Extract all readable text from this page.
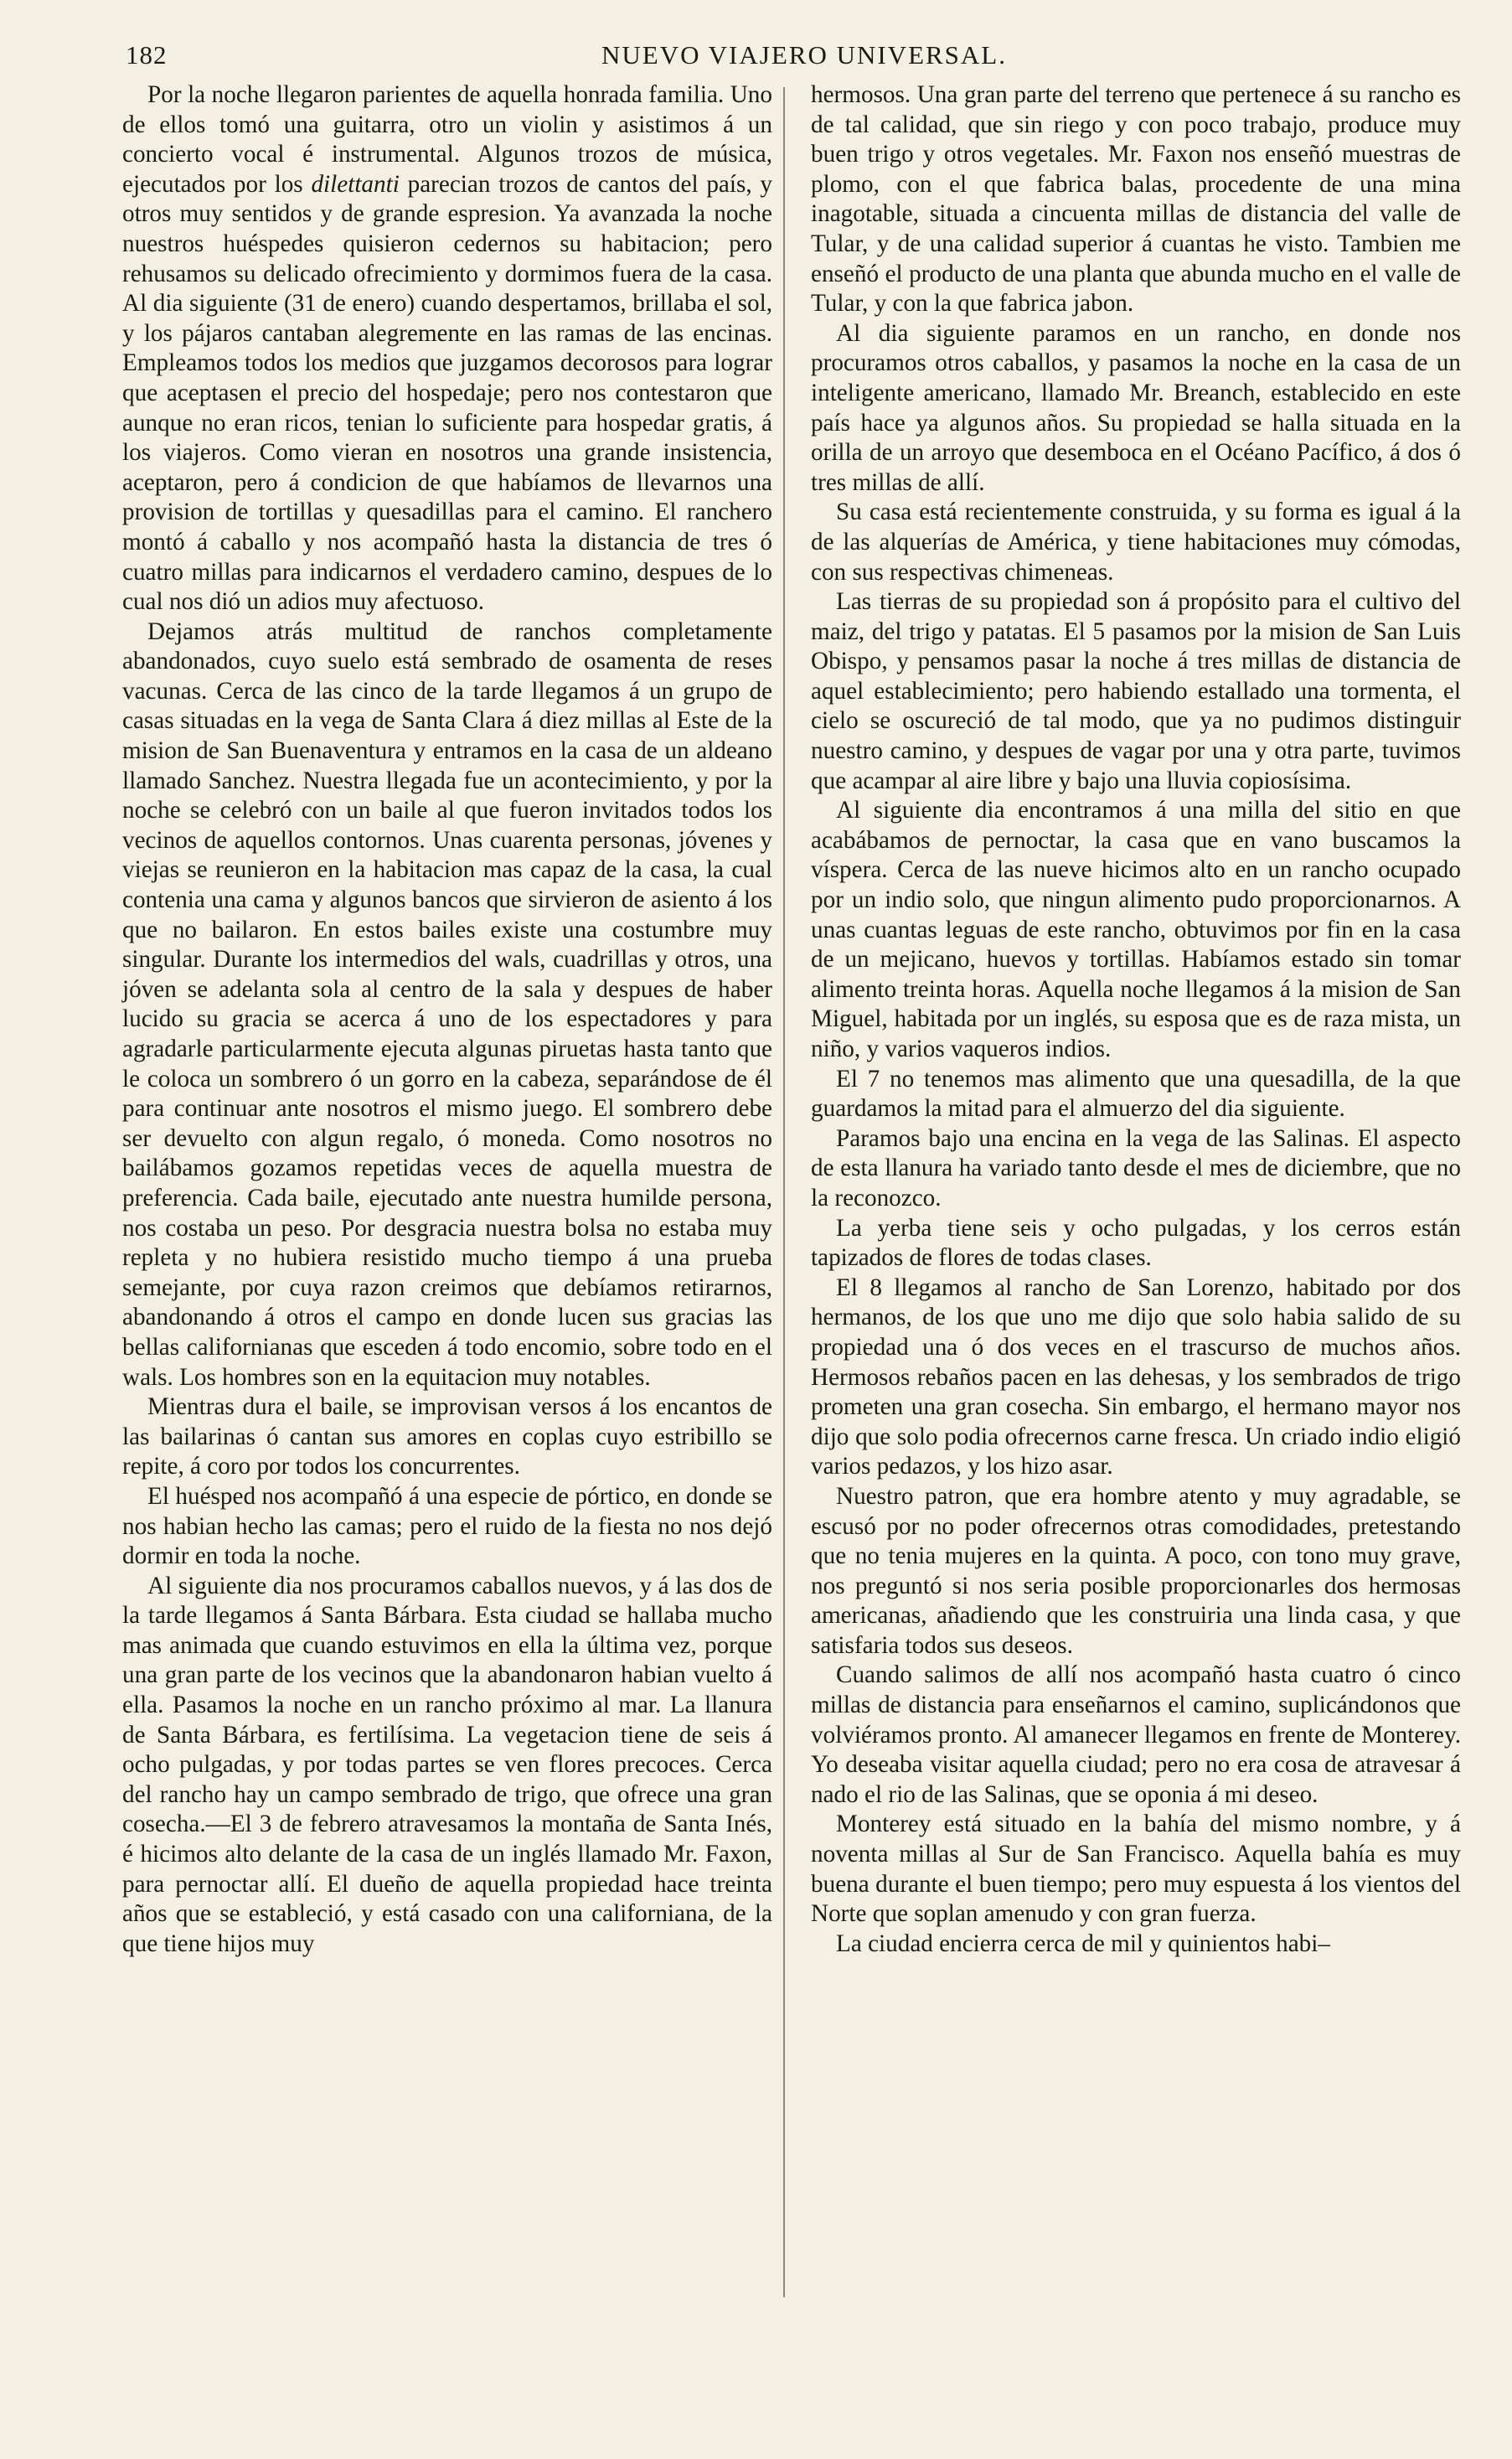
182	NUEVO VIAJERO UNIVERSAL.

Por la noche llegaron parientes de aquella honrada familia. Uno de ellos tomó una guitarra, otro un violin y asistimos á un concierto vocal é instrumental. Algunos trozos de música, ejecutados por los dilettanti parecian trozos de cantos del país, y otros muy sentidos y de grande espresion. Ya avanzada la noche nuestros huéspedes quisieron cedernos su habitacion; pero rehusamos su delicado ofrecimiento y dormimos fuera de la casa. Al dia siguiente (31 de enero) cuando despertamos, brillaba el sol, y los pájaros cantaban alegremente en las ramas de las encinas. Empleamos todos los medios que juzgamos decorosos para lograr que aceptasen el precio del hospedaje; pero nos contestaron que aunque no eran ricos, tenian lo suficiente para hospedar gratis, á los viajeros. Como vieran en nosotros una grande insistencia, aceptaron, pero á condicion de que habíamos de llevarnos una provision de tortillas y quesadillas para el camino. El ranchero montó á caballo y nos acompañó hasta la distancia de tres ó cuatro millas para indicarnos el verdadero camino, despues de lo cual nos dió un adios muy afectuoso.

Dejamos atrás multitud de ranchos completamente abandonados, cuyo suelo está sembrado de osamenta de reses vacunas. Cerca de las cinco de la tarde llegamos á un grupo de casas situadas en la vega de Santa Clara á diez millas al Este de la mision de San Buenaventura y entramos en la casa de un aldeano llamado Sanchez. Nuestra llegada fue un acontecimiento, y por la noche se celebró con un baile al que fueron invitados todos los vecinos de aquellos contornos. Unas cuarenta personas, jóvenes y viejas se reunieron en la habitacion mas capaz de la casa, la cual contenia una cama y algunos bancos que sirvieron de asiento á los que no bailaron. En estos bailes existe una costumbre muy singular. Durante los intermedios del wals, cuadrillas y otros, una jóven se adelanta sola al centro de la sala y despues de haber lucido su gracia se acerca á uno de los espectadores y para agradarle particularmente ejecuta algunas piruetas hasta tanto que le coloca un sombrero ó un gorro en la cabeza, separándose de él para continuar ante nosotros el mismo juego. El sombrero debe ser devuelto con algun regalo, ó moneda. Como nosotros no bailábamos gozamos repetidas veces de aquella muestra de preferencia. Cada baile, ejecutado ante nuestra humilde persona, nos costaba un peso. Por desgracia nuestra bolsa no estaba muy repleta y no hubiera resistido mucho tiempo á una prueba semejante, por cuya razon creimos que debíamos retirarnos, abandonando á otros el campo en donde lucen sus gracias las bellas californianas que esceden á todo encomio, sobre todo en el wals. Los hombres son en la equitacion muy notables.

Mientras dura el baile, se improvisan versos á los encantos de las bailarinas ó cantan sus amores en coplas cuyo estribillo se repite, á coro por todos los concurrentes.

El huésped nos acompañó á una especie de pórtico, en donde se nos habian hecho las camas; pero el ruido de la fiesta no nos dejó dormir en toda la noche.

Al siguiente dia nos procuramos caballos nuevos, y á las dos de la tarde llegamos á Santa Bárbara. Esta ciudad se hallaba mucho mas animada que cuando estuvimos en ella la última vez, porque una gran parte de los vecinos que la abandonaron habian vuelto á ella. Pasamos la noche en un rancho próximo al mar. La llanura de Santa Bárbara, es fertilísima. La vegetacion tiene de seis á ocho pulgadas, y por todas partes se ven flores precoces. Cerca del rancho hay un campo sembrado de trigo, que ofrece una gran cosecha.—El 3 de febrero atravesamos la montaña de Santa Inés, é hicimos alto delante de la casa de un inglés llamado Mr. Faxon, para pernoctar allí. El dueño de aquella propiedad hace treinta años que se estableció, y está casado con una californiana, de la que tiene hijos muy

hermosos. Una gran parte del terreno que pertenece á su rancho es de tal calidad, que sin riego y con poco trabajo, produce muy buen trigo y otros vegetales. Mr. Faxon nos enseñó muestras de plomo, con el que fabrica balas, procedente de una mina inagotable, situada a cincuenta millas de distancia del valle de Tular, y de una calidad superior á cuantas he visto. Tambien me enseñó el producto de una planta que abunda mucho en el valle de Tular, y con la que fabrica jabon.

Al dia siguiente paramos en un rancho, en donde nos procuramos otros caballos, y pasamos la noche en la casa de un inteligente americano, llamado Mr. Breanch, establecido en este país hace ya algunos años. Su propiedad se halla situada en la orilla de un arroyo que desemboca en el Océano Pacífico, á dos ó tres millas de allí.

Su casa está recientemente construida, y su forma es igual á la de las alquerías de América, y tiene habitaciones muy cómodas, con sus respectivas chimeneas.

Las tierras de su propiedad son á propósito para el cultivo del maiz, del trigo y patatas. El 5 pasamos por la mision de San Luis Obispo, y pensamos pasar la noche á tres millas de distancia de aquel establecimiento; pero habiendo estallado una tormenta, el cielo se oscureció de tal modo, que ya no pudimos distinguir nuestro camino, y despues de vagar por una y otra parte, tuvimos que acampar al aire libre y bajo una lluvia copiosísima.

Al siguiente dia encontramos á una milla del sitio en que acabábamos de pernoctar, la casa que en vano buscamos la víspera. Cerca de las nueve hicimos alto en un rancho ocupado por un indio solo, que ningun alimento pudo proporcionarnos. A unas cuantas leguas de este rancho, obtuvimos por fin en la casa de un mejicano, huevos y tortillas. Habíamos estado sin tomar alimento treinta horas. Aquella noche llegamos á la mision de San Miguel, habitada por un inglés, su esposa que es de raza mista, un niño, y varios vaqueros indios.

El 7 no tenemos mas alimento que una quesadilla, de la que guardamos la mitad para el almuerzo del dia siguiente.

Paramos bajo una encina en la vega de las Salinas. El aspecto de esta llanura ha variado tanto desde el mes de diciembre, que no la reconozco.

La yerba tiene seis y ocho pulgadas, y los cerros están tapizados de flores de todas clases.

El 8 llegamos al rancho de San Lorenzo, habitado por dos hermanos, de los que uno me dijo que solo habia salido de su propiedad una ó dos veces en el trascurso de muchos años. Hermosos rebaños pacen en las dehesas, y los sembrados de trigo prometen una gran cosecha. Sin embargo, el hermano mayor nos dijo que solo podia ofrecernos carne fresca. Un criado indio eligió varios pedazos, y los hizo asar.

Nuestro patron, que era hombre atento y muy agradable, se escusó por no poder ofrecernos otras comodidades, pretestando que no tenia mujeres en la quinta. A poco, con tono muy grave, nos preguntó si nos seria posible proporcionarles dos hermosas americanas, añadiendo que les construiria una linda casa, y que satisfaria todos sus deseos.

Cuando salimos de allí nos acompañó hasta cuatro ó cinco millas de distancia para enseñarnos el camino, suplicándonos que volviéramos pronto. Al amanecer llegamos en frente de Monterey. Yo deseaba visitar aquella ciudad; pero no era cosa de atravesar á nado el rio de las Salinas, que se oponia á mi deseo.

Monterey está situado en la bahía del mismo nombre, y á noventa millas al Sur de San Francisco. Aquella bahía es muy buena durante el buen tiempo; pero muy espuesta á los vientos del Norte que soplan amenudo y con gran fuerza.

La ciudad encierra cerca de mil y quinientos habi–
